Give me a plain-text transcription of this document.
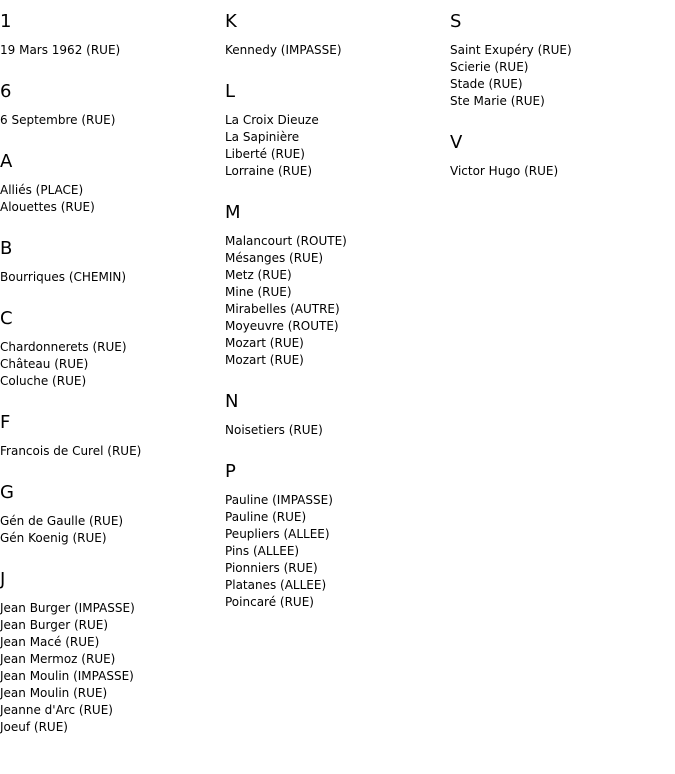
1
19 Mars 1962 (RUE)
6
6 Septembre (RUE)
A
Alliés (PLACE)
Alouettes (RUE)
B
Bourriques (CHEMIN)
C
Chardonnerets (RUE)
Château (RUE)
Coluche (RUE)
F
Francois de Curel (RUE)
G
Gén de Gaulle (RUE)
Gén Koenig (RUE)
J
Jean Burger (IMPASSE)
Jean Burger (RUE)
Jean Macé (RUE)
Jean Mermoz (RUE)
Jean Moulin (IMPASSE)
Jean Moulin (RUE)
Jeanne d'Arc (RUE)
Joeuf (RUE)
K
Kennedy (IMPASSE)
L
La Croix Dieuze
La Sapinière
Liberté (RUE)
Lorraine (RUE)
M
Malancourt (ROUTE)
Mésanges (RUE)
Metz (RUE)
Mine (RUE)
Mirabelles (AUTRE)
Moyeuvre (ROUTE)
Mozart (RUE)
Mozart (RUE)
N
Noisetiers (RUE)
P
Pauline (IMPASSE)
Pauline (RUE)
Peupliers (ALLEE)
Pins (ALLEE)
Pionniers (RUE)
Platanes (ALLEE)
Poincaré (RUE)
S
Saint Exupéry (RUE)
Scierie (RUE)
Stade (RUE)
Ste Marie (RUE)
V
Victor Hugo (RUE)
